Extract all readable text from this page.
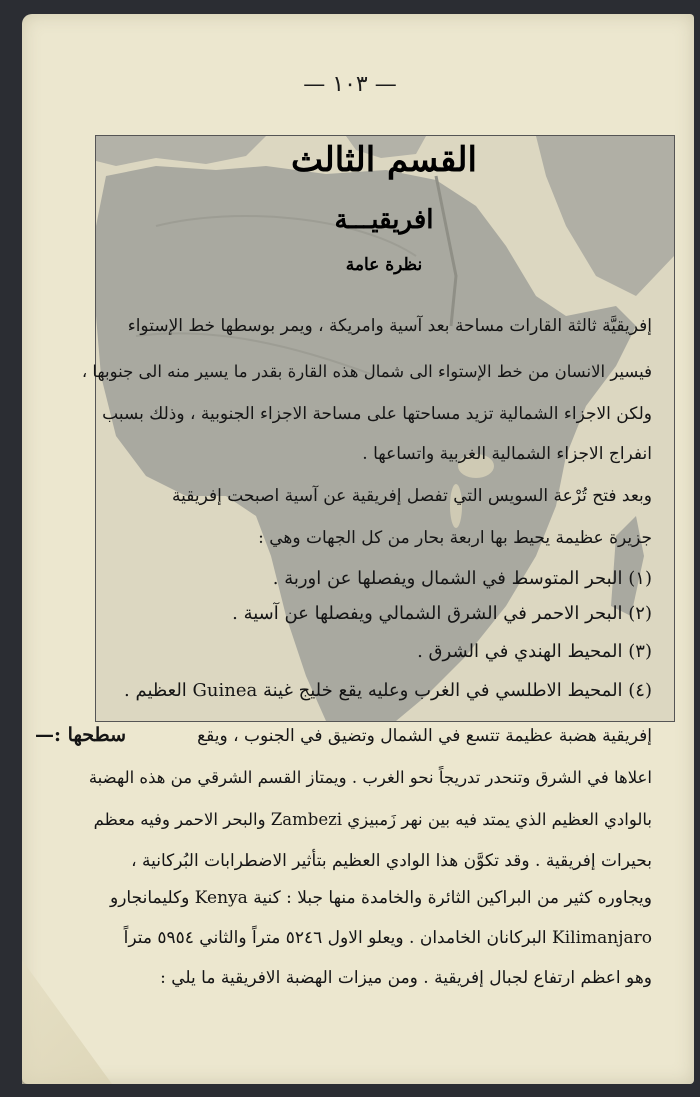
— ١٠٣ —
القسم الثالث
افريقيـــة
نظرة عامة
إفريقيَّة ثالثة القارات مساحة بعد آسية وامريكة ، ويمر بوسطها خط الإستواء
فيسير الانسان من خط الإستواء الى شمال هذه القارة بقدر ما يسير منه الى جنوبها ،
ولكن الاجزاء الشمالية تزيد مساحتها على مساحة الاجزاء الجنوبية ، وذلك بسبب
انفراج الاجزاء الشمالية الغربية واتساعها .
وبعد فتح تُرْعة السويس التي تفصل إفريقية عن آسية اصبحت إفريقية
جزيرة عظيمة يحيط بها اربعة بحار من كل الجهات وهي :
(١) البحر المتوسط في الشمال ويفصلها عن اوربة .
(٢) البحر الاحمر في الشرق الشمالي ويفصلها عن آسية .
(٣) المحيط الهندي في الشرق .
(٤) المحيط الاطلسي في الغرب وعليه يقع خليج غينة Guinea العظيم .
سطحها :—	إفريقية هضبة عظيمة تتسع في الشمال وتضيق في الجنوب ، ويقع
اعلاها في الشرق وتنحدر تدريجاً نحو الغرب . ويمتاز القسم الشرقي من هذه الهضبة
بالوادي العظيم الذي يمتد فيه بين نهر زَمبيزي Zambezi والبحر الاحمر وفيه معظم
بحيرات إفريقية . وقد تكوَّن هذا الوادي العظيم بتأثير الاضطرابات البُركانية ،
ويجاوره كثير من البراكين الثائرة والخامدة منها جبلا : كنية Kenya وكليمانجارو
Kilimanjaro البركانان الخامدان . ويعلو الاول ٥٢٤٦ متراً والثاني ٥٩٥٤ متراً
وهو اعظم ارتفاع لجبال إفريقية . ومن ميزات الهضبة الافريقية ما يلي :
